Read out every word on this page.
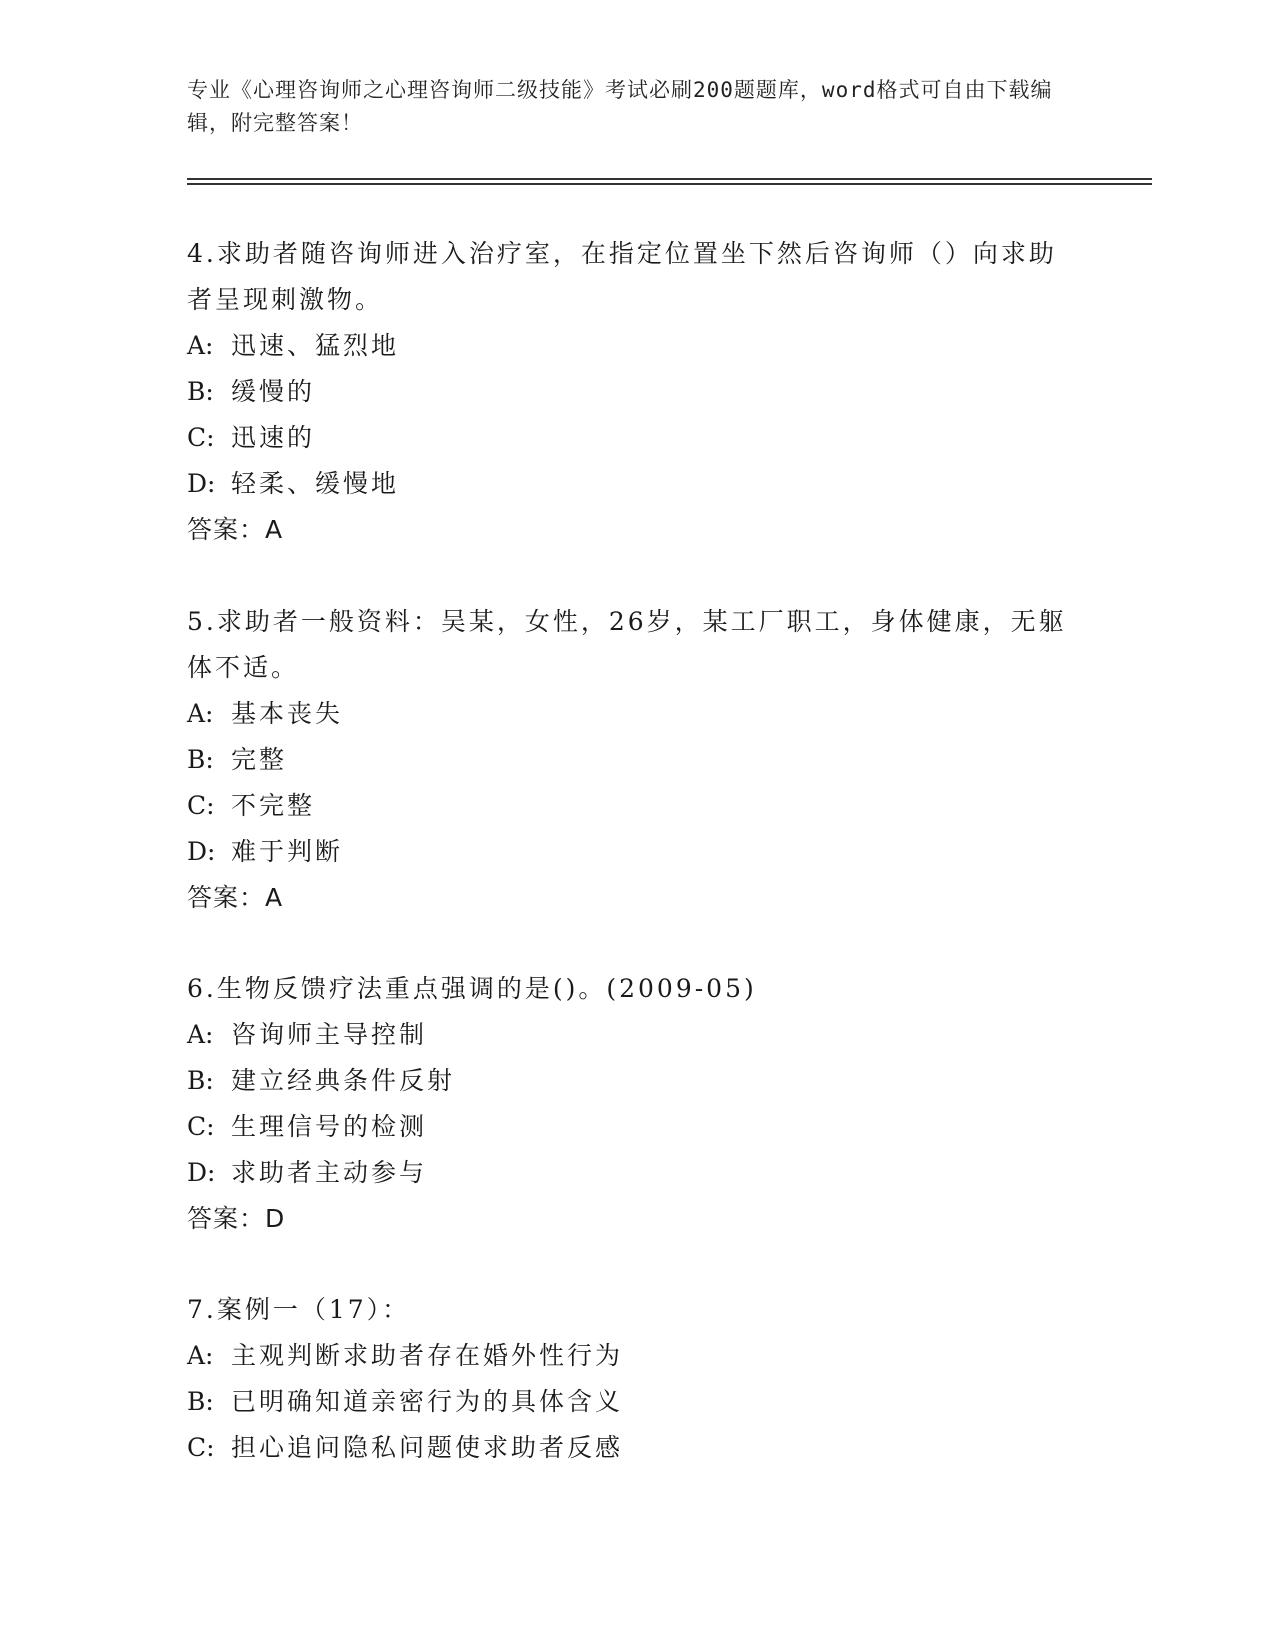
专业《心理咨询师之心理咨询师二级技能》考试必刷200题题库，word格式可自由下载编辑，附完整答案！

4.求助者随咨询师进入治疗室，在指定位置坐下然后咨询师（）向求助者呈现刺激物。

A: 迅速、猛烈地

B: 缓慢的

C: 迅速的

D: 轻柔、缓慢地

答案：A

5.求助者一般资料：吴某，女性，26岁，某工厂职工，身体健康，无躯体不适。

A: 基本丧失

B: 完整

C: 不完整

D: 难于判断

答案：A

6.生物反馈疗法重点强调的是()。(2009-05)

A: 咨询师主导控制

B: 建立经典条件反射

C: 生理信号的检测

D: 求助者主动参与

答案：D

7.案例一（17）：

A: 主观判断求助者存在婚外性行为

B: 已明确知道亲密行为的具体含义

C: 担心追问隐私问题使求助者反感
